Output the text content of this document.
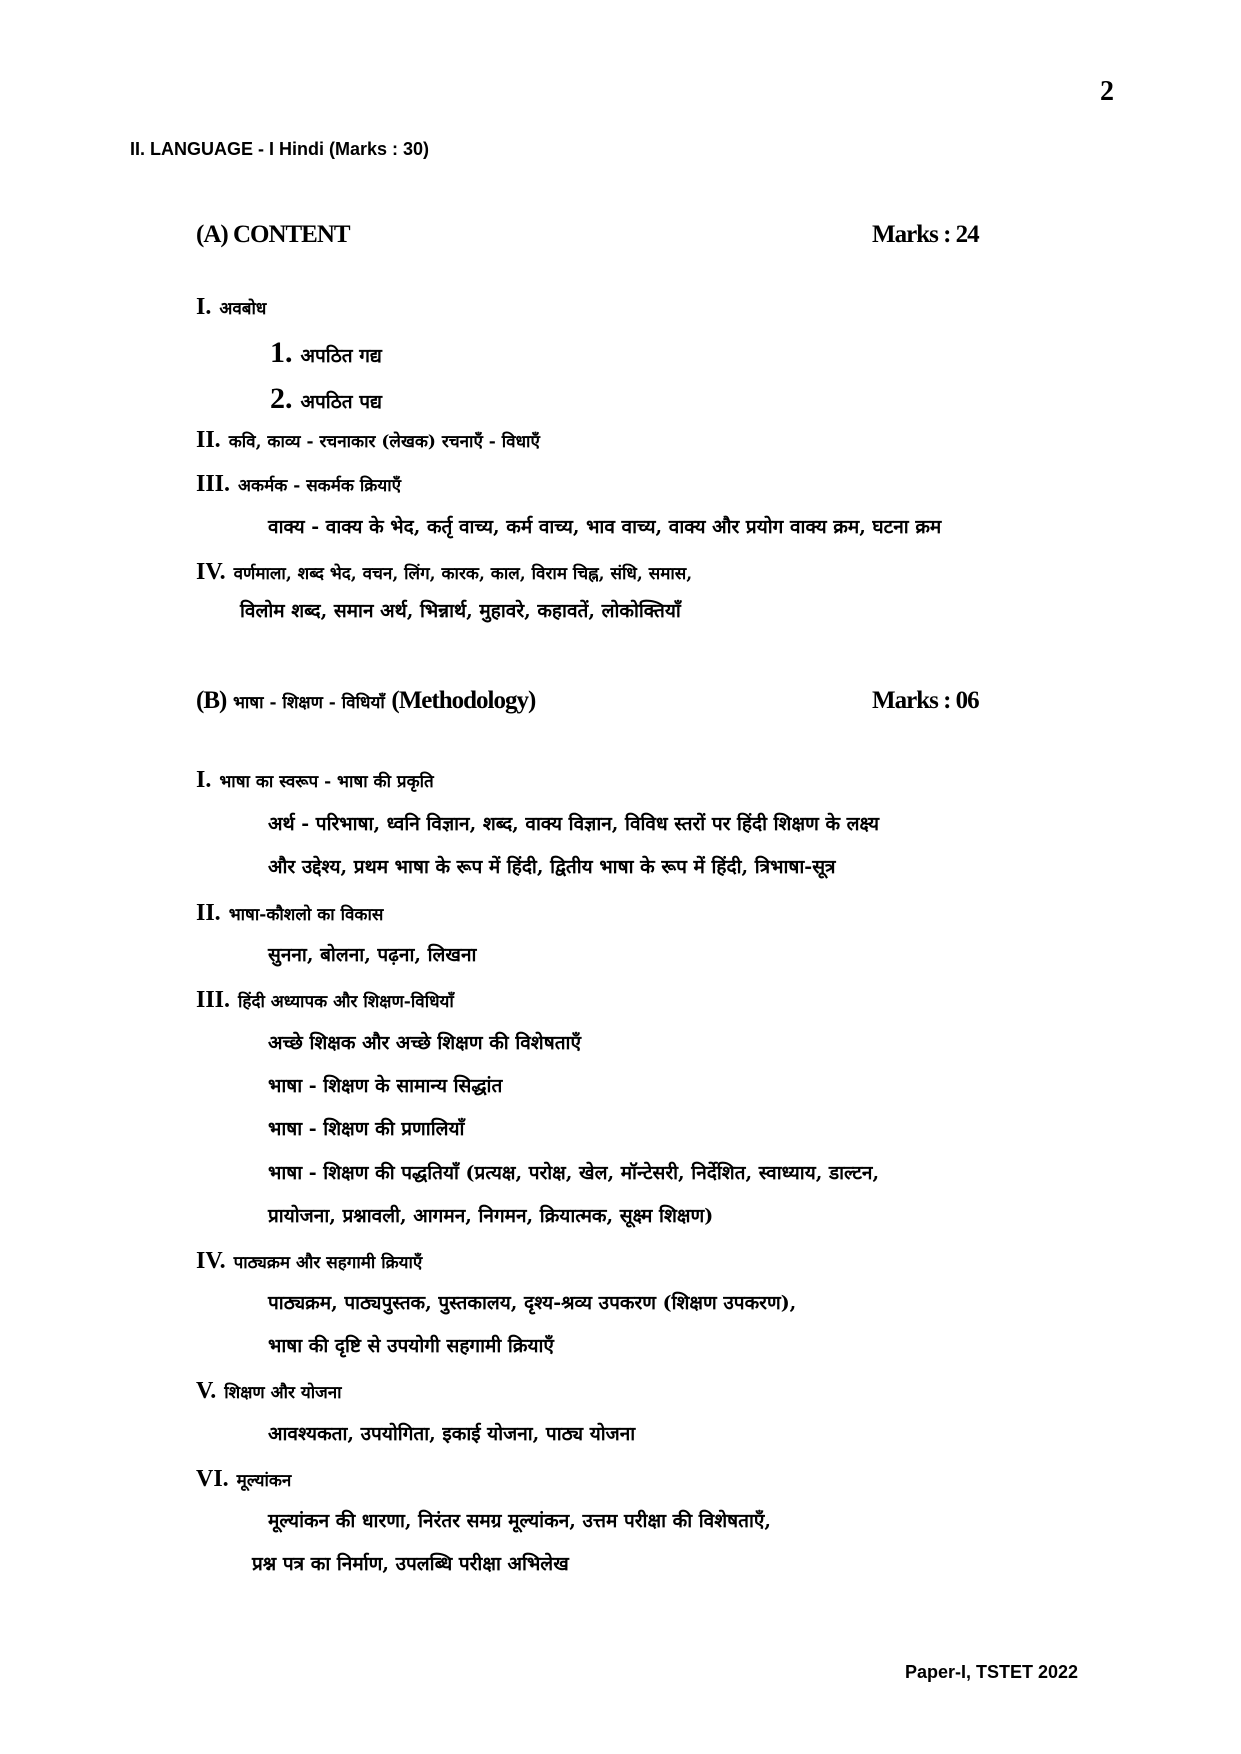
2
II. LANGUAGE - I Hindi (Marks : 30)
(A) CONTENT	Marks : 24
I. अवबोध
1. अपठित गद्य
2. अपठित पद्य
II. कवि, काव्य - रचनाकार (लेखक) रचनाएँ - विधाएँ
III. अकर्मक - सकर्मक क्रियाएँ
वाक्य - वाक्य के भेद, कर्तृ वाच्य, कर्म वाच्य, भाव वाच्य, वाक्य और प्रयोग वाक्य क्रम, घटना क्रम
IV. वर्णमाला, शब्द भेद, वचन, लिंग, कारक, काल, विराम चिह्न, संधि, समास,
विलोम शब्द, समान अर्थ, भिन्नार्थ, मुहावरे, कहावतें, लोकोक्तियाँ
(B) भाषा - शिक्षण - विधियाँ (Methodology)	Marks : 06
I. भाषा का स्वरूप - भाषा की प्रकृति
अर्थ - परिभाषा, ध्वनि विज्ञान, शब्द, वाक्य विज्ञान, विविध स्तरों पर हिंदी शिक्षण के लक्ष्य
और उद्देश्य, प्रथम भाषा के रूप में हिंदी, द्वितीय भाषा के रूप में हिंदी, त्रिभाषा-सूत्र
II. भाषा-कौशलो का विकास
सुनना, बोलना, पढ़ना, लिखना
III. हिंदी अध्यापक और शिक्षण-विधियाँ
अच्छे शिक्षक और अच्छे शिक्षण की विशेषताएँ
भाषा - शिक्षण के सामान्य सिद्धांत
भाषा - शिक्षण की प्रणालियाँ
भाषा - शिक्षण की पद्धतियाँ (प्रत्यक्ष, परोक्ष, खेल, मॉन्टेसरी, निर्देशित, स्वाध्याय, डाल्टन,
प्रायोजना, प्रश्नावली, आगमन, निगमन, क्रियात्मक, सूक्ष्म शिक्षण)
IV. पाठ्यक्रम और सहगामी क्रियाएँ
पाठ्यक्रम, पाठ्यपुस्तक, पुस्तकालय, दृश्य-श्रव्य उपकरण (शिक्षण उपकरण),
भाषा की दृष्टि से उपयोगी सहगामी क्रियाएँ
V. शिक्षण और योजना
आवश्यकता, उपयोगिता, इकाई योजना, पाठ्य योजना
VI. मूल्यांकन
मूल्यांकन की धारणा, निरंतर समग्र मूल्यांकन, उत्तम परीक्षा की विशेषताएँ,
प्रश्न पत्र का निर्माण, उपलब्धि परीक्षा अभिलेख
Paper-I, TSTET 2022
